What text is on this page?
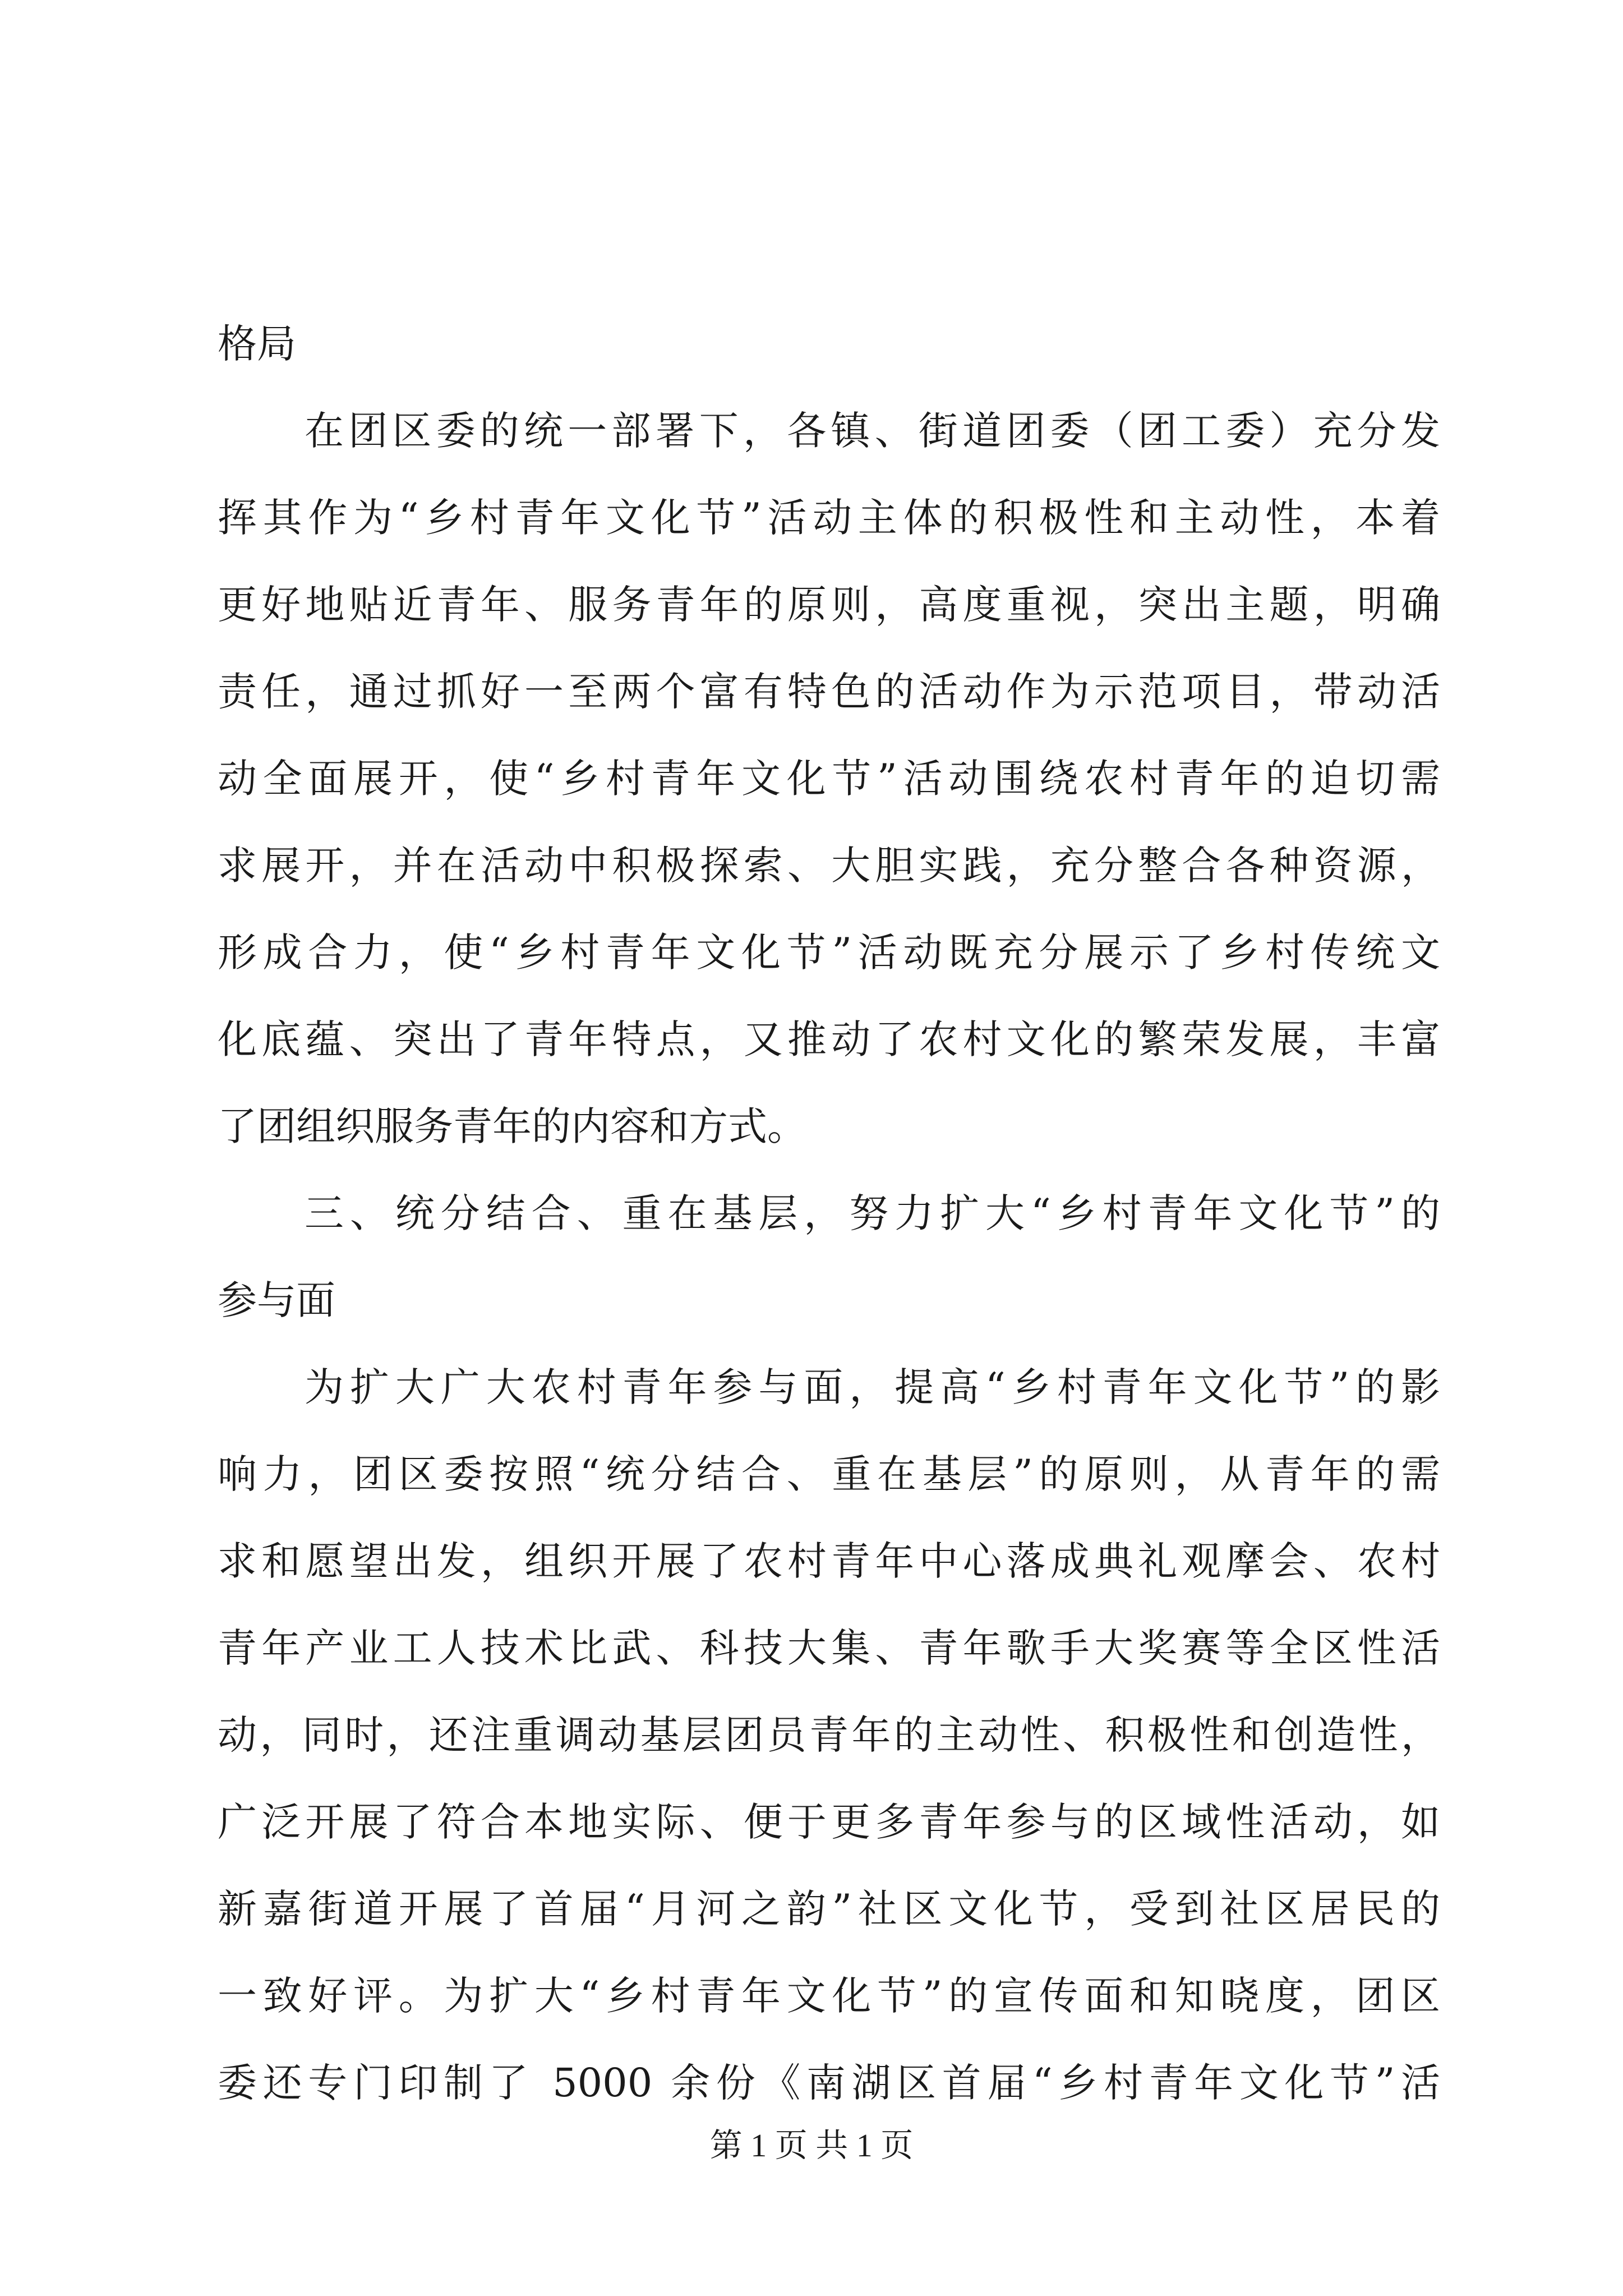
格局
在团区委的统一部署下，各镇、街道团委（团工委）充分发
挥其作为“乡村青年文化节”活动主体的积极性和主动性，本着
更好地贴近青年、服务青年的原则，高度重视，突出主题，明确
责任，通过抓好一至两个富有特色的活动作为示范项目，带动活
动全面展开，使“乡村青年文化节”活动围绕农村青年的迫切需
求展开，并在活动中积极探索、大胆实践，充分整合各种资源，
形成合力，使“乡村青年文化节”活动既充分展示了乡村传统文
化底蕴、突出了青年特点，又推动了农村文化的繁荣发展，丰富
了团组织服务青年的内容和方式。
三、统分结合、重在基层，努力扩大“乡村青年文化节”的
参与面
为扩大广大农村青年参与面，提高“乡村青年文化节”的影
响力，团区委按照“统分结合、重在基层”的原则，从青年的需
求和愿望出发，组织开展了农村青年中心落成典礼观摩会、农村
青年产业工人技术比武、科技大集、青年歌手大奖赛等全区性活
动，同时，还注重调动基层团员青年的主动性、积极性和创造性，
广泛开展了符合本地实际、便于更多青年参与的区域性活动，如
新嘉街道开展了首届“月河之韵”社区文化节，受到社区居民的
一致好评。为扩大“乡村青年文化节”的宣传面和知晓度，团区
委还专门印制了 5000 余份《南湖区首届“乡村青年文化节”活
第 1 页 共 1 页
